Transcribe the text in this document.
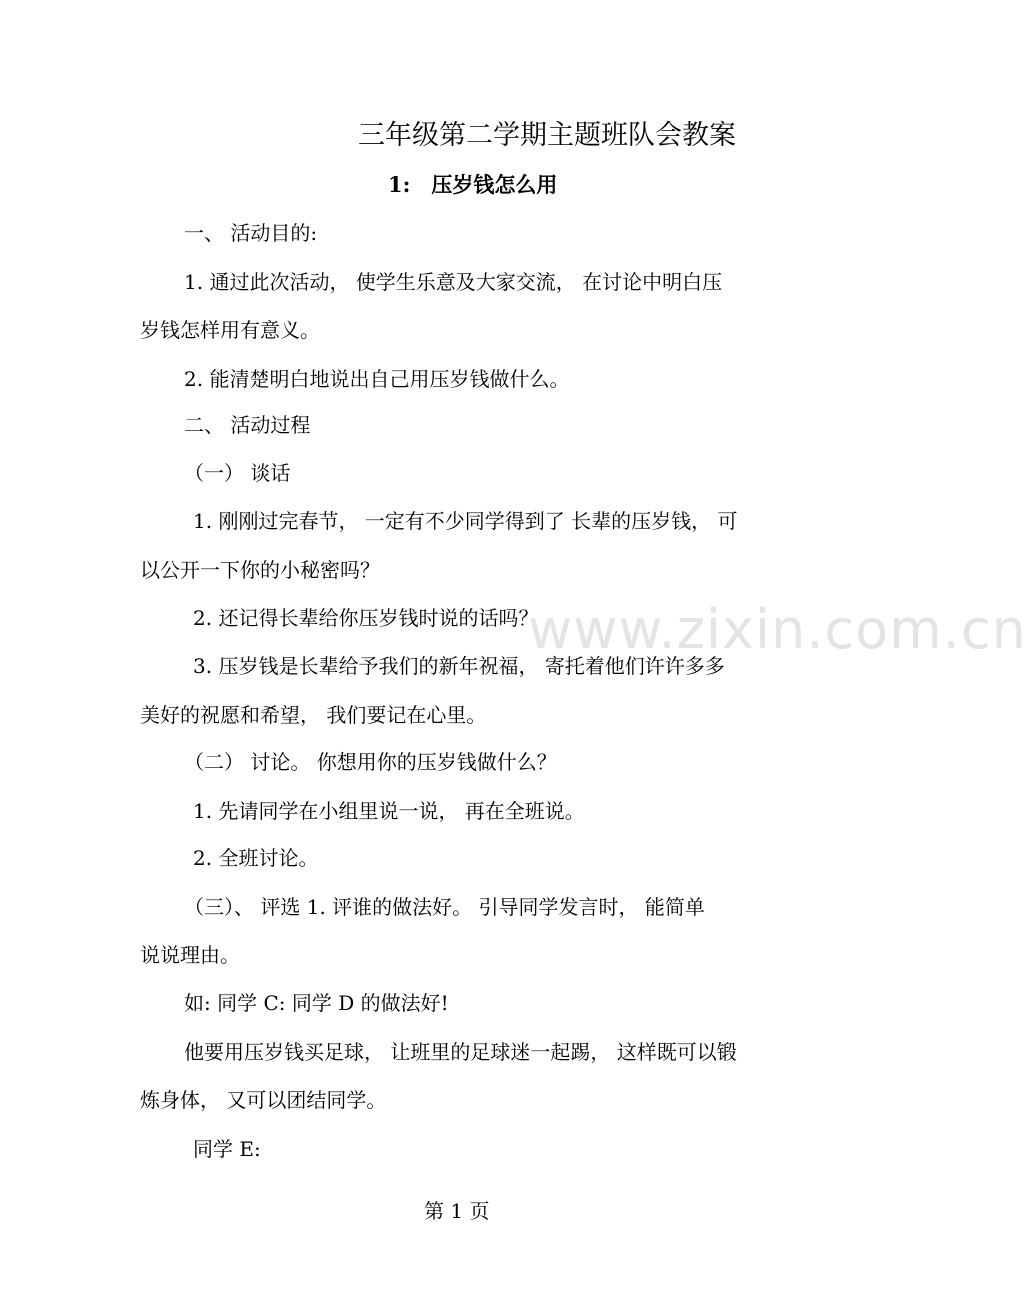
三年级第二学期主题班队会教案
1:　压岁钱怎么用
一、 活动目的:
1. 通过此次活动， 使学生乐意及大家交流， 在讨论中明白压
岁钱怎样用有意义。
2. 能清楚明白地说出自己用压岁钱做什么。
二、 活动过程
（一） 谈话
1. 刚刚过完春节， 一定有不少同学得到了 长辈的压岁钱， 可
以公开一下你的小秘密吗？
2. 还记得长辈给你压岁钱时说的话吗？
www.zixin.com.cn
3. 压岁钱是长辈给予我们的新年祝福， 寄托着他们许许多多
美好的祝愿和希望， 我们要记在心里。
（二） 讨论。 你想用你的压岁钱做什么？
1. 先请同学在小组里说一说， 再在全班说。
2. 全班讨论。
（三）、 评选 1. 评谁的做法好。 引导同学发言时， 能简单
说说理由。
如: 同学 C: 同学 D 的做法好!
他要用压岁钱买足球， 让班里的足球迷一起踢， 这样既可以锻
炼身体， 又可以团结同学。
同学 E:
第 1 页
